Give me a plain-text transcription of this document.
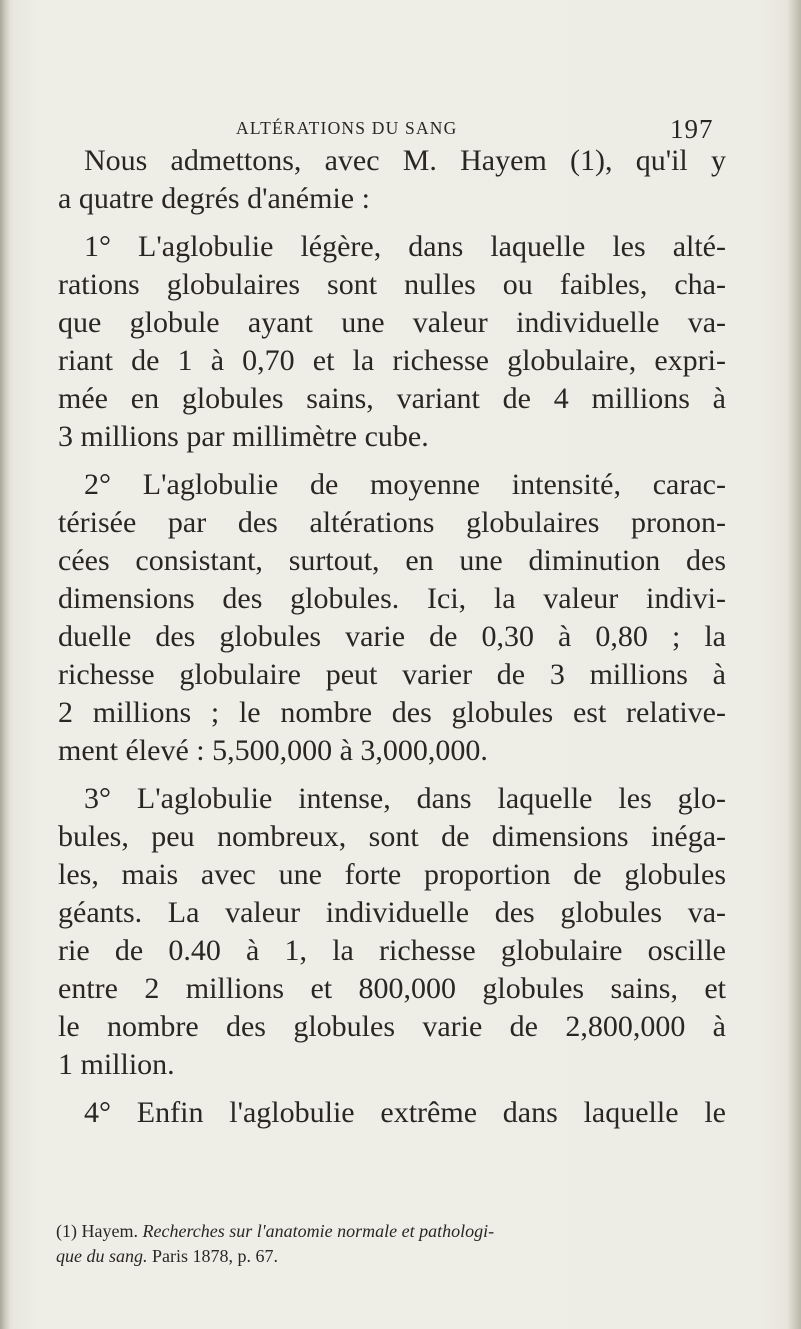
ALTÉRATIONS DU SANG	197
Nous admettons, avec M. Hayem (1), qu'il y
a quatre degrés d'anémie :
1° L'aglobulie légère, dans laquelle les alté-
rations globulaires sont nulles ou faibles, cha-
que globule ayant une valeur individuelle va-
riant de 1 à 0,70 et la richesse globulaire, expri-
mée en globules sains, variant de 4 millions à
3 millions par millimètre cube.
2° L'aglobulie de moyenne intensité, carac-
térisée par des altérations globulaires pronon-
cées consistant, surtout, en une diminution des
dimensions des globules. Ici, la valeur indivi-
duelle des globules varie de 0,30 à 0,80 ; la
richesse globulaire peut varier de 3 millions à
2 millions ; le nombre des globules est relative-
ment élevé : 5,500,000 à 3,000,000.
3° L'aglobulie intense, dans laquelle les glo-
bules, peu nombreux, sont de dimensions inéga-
les, mais avec une forte proportion de globules
géants. La valeur individuelle des globules va-
rie de 0.40 à 1, la richesse globulaire oscille
entre 2 millions et 800,000 globules sains, et
le nombre des globules varie de 2,800,000 à
1 million.
4° Enfin l'aglobulie extrême dans laquelle le
(1) Hayem. Recherches sur l'anatomie normale et pathologi-
que du sang. Paris 1878, p. 67.
